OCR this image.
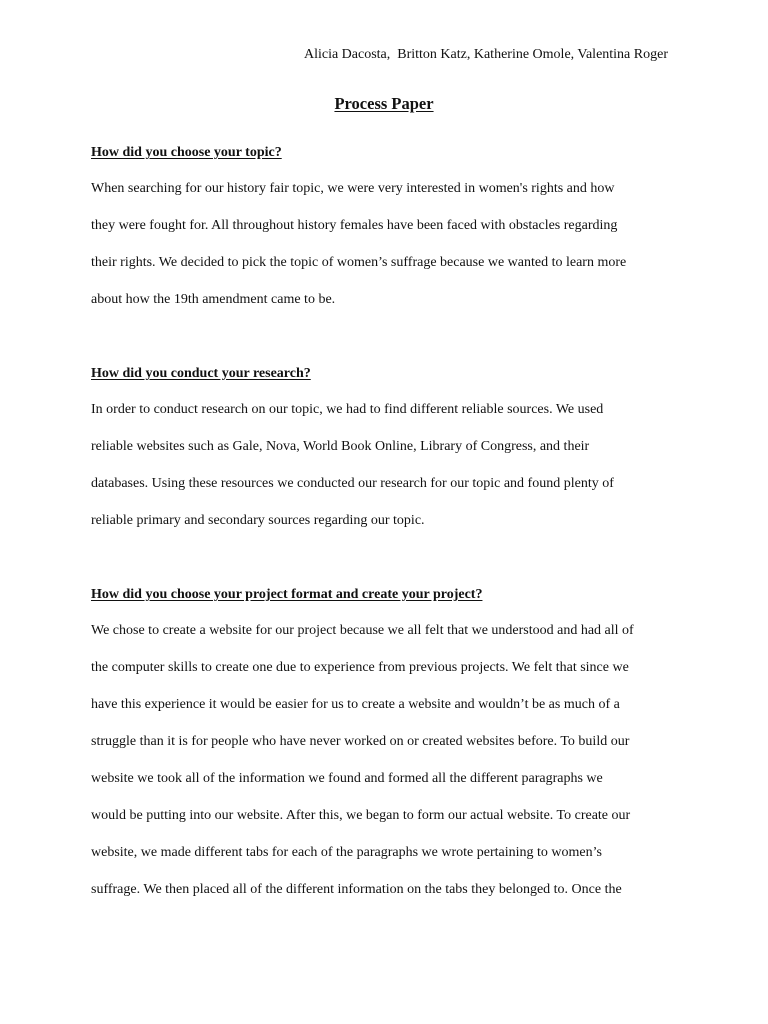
Alicia Dacosta,  Britton Katz, Katherine Omole, Valentina Roger
Process Paper
How did you choose your topic?
When searching for our history fair topic, we were very interested in women's rights and how
they were fought for. All throughout history females have been faced with obstacles regarding
their rights. We decided to pick the topic of women’s suffrage because we wanted to learn more
about how the 19th amendment came to be.
How did you conduct your research?
In order to conduct research on our topic, we had to find different reliable sources. We used
reliable websites such as Gale, Nova, World Book Online, Library of Congress, and their
databases. Using these resources we conducted our research for our topic and found plenty of
reliable primary and secondary sources regarding our topic.
How did you choose your project format and create your project?
We chose to create a website for our project because we all felt that we understood and had all of
the computer skills to create one due to experience from previous projects. We felt that since we
have this experience it would be easier for us to create a website and wouldn’t be as much of a
struggle than it is for people who have never worked on or created websites before. To build our
website we took all of the information we found and formed all the different paragraphs we
would be putting into our website. After this, we began to form our actual website. To create our
website, we made different tabs for each of the paragraphs we wrote pertaining to women’s
suffrage. We then placed all of the different information on the tabs they belonged to. Once the
